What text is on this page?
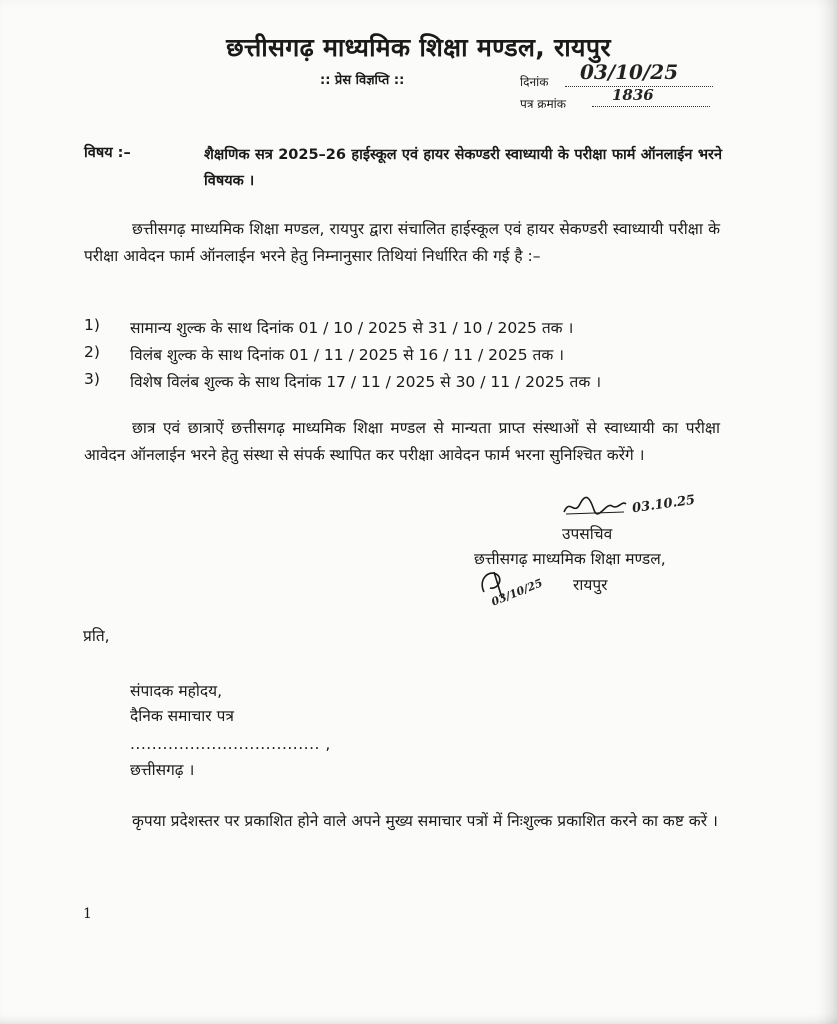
छत्तीसगढ़ माध्यमिक शिक्षा मण्डल, रायपुर
:: प्रेस विज्ञप्ति ::	दिनांक 03/10/25
पत्र क्रमांक	1836
विषय :–	शैक्षणिक सत्र 2025–26 हाईस्कूल एवं हायर सेकण्डरी स्वाध्यायी के परीक्षा फार्म ऑनलाईन भरने विषयक ।
छत्तीसगढ़ माध्यमिक शिक्षा मण्डल, रायपुर द्वारा संचालित हाईस्कूल एवं हायर सेकण्डरी स्वाध्यायी परीक्षा के परीक्षा आवेदन फार्म ऑनलाईन भरने हेतु निम्नानुसार तिथियां निर्धारित की गई है :–
1) सामान्य शुल्क के साथ दिनांक 01 / 10 / 2025 से 31 / 10 / 2025 तक ।
2) विलंब शुल्क के साथ दिनांक 01 / 11 / 2025 से 16 / 11 / 2025 तक ।
3) विशेष विलंब शुल्क के साथ दिनांक 17 / 11 / 2025 से 30 / 11 / 2025 तक ।
छात्र एवं छात्राऐं छत्तीसगढ़ माध्यमिक शिक्षा मण्डल से मान्यता प्राप्त संस्थाओं से स्वाध्यायी का परीक्षा आवेदन ऑनलाईन भरने हेतु संस्था से संपर्क स्थापित कर परीक्षा आवेदन फार्म भरना सुनिश्चित करेंगे ।
03.10.25
उपसचिव
छत्तीसगढ़ माध्यमिक शिक्षा मण्डल,
रायपुर
03/10/25
प्रति,
संपादक महोदय,
दैनिक समाचार पत्र
................................... ,
छत्तीसगढ़ ।
कृपया प्रदेशस्तर पर प्रकाशित होने वाले अपने मुख्य समाचार पत्रों में निःशुल्क प्रकाशित करने का कष्ट करें ।
1
